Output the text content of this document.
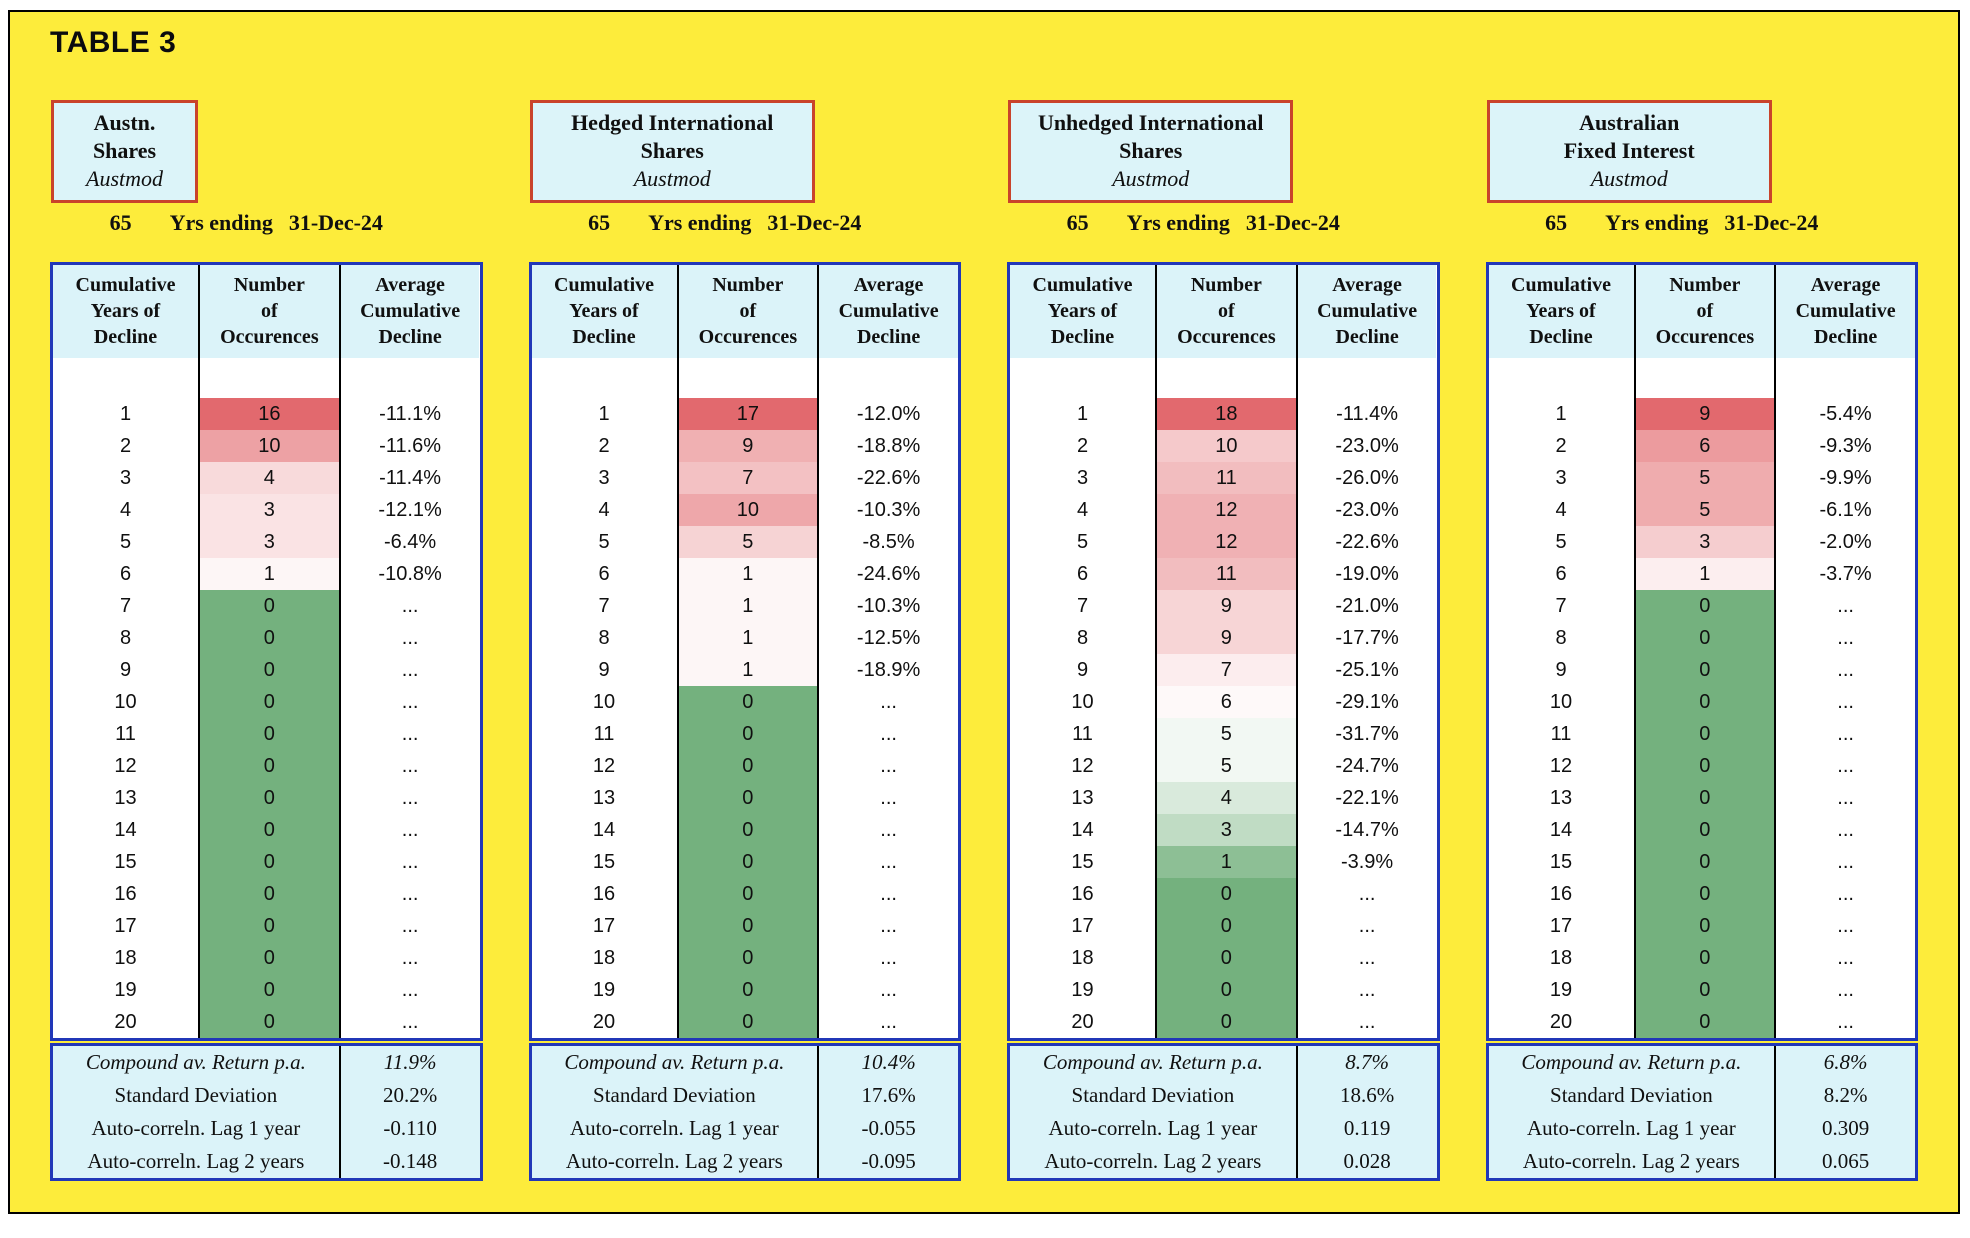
TABLE 3
Austn.
Shares
Austmod
65 Yrs ending 31-Dec-24
Cumulative
Years of
Decline
Number
of
Occurences
Average
Cumulative
Decline
1	16	-11.1%
2	10	-11.6%
3	4	-11.4%
4	3	-12.1%
5	3	-6.4%
6	1	-10.8%
7	0	...
8	0	...
9	0	...
10	0	...
11	0	...
12	0	...
13	0	...
14	0	...
15	0	...
16	0	...
17	0	...
18	0	...
19	0	...
20	0	...
Compound av. Return p.a.	11.9%
Standard Deviation	20.2%
Auto-correln. Lag 1 year	-0.110
Auto-correln. Lag 2 years	-0.148
Hedged International
Shares
Austmod
65 Yrs ending 31-Dec-24
Cumulative
Years of
Decline
Number
of
Occurences
Average
Cumulative
Decline
1	17	-12.0%
2	9	-18.8%
3	7	-22.6%
4	10	-10.3%
5	5	-8.5%
6	1	-24.6%
7	1	-10.3%
8	1	-12.5%
9	1	-18.9%
10	0	...
11	0	...
12	0	...
13	0	...
14	0	...
15	0	...
16	0	...
17	0	...
18	0	...
19	0	...
20	0	...
Compound av. Return p.a.	10.4%
Standard Deviation	17.6%
Auto-correln. Lag 1 year	-0.055
Auto-correln. Lag 2 years	-0.095
Unhedged International
Shares
Austmod
65 Yrs ending 31-Dec-24
Cumulative
Years of
Decline
Number
of
Occurences
Average
Cumulative
Decline
1	18	-11.4%
2	10	-23.0%
3	11	-26.0%
4	12	-23.0%
5	12	-22.6%
6	11	-19.0%
7	9	-21.0%
8	9	-17.7%
9	7	-25.1%
10	6	-29.1%
11	5	-31.7%
12	5	-24.7%
13	4	-22.1%
14	3	-14.7%
15	1	-3.9%
16	0	...
17	0	...
18	0	...
19	0	...
20	0	...
Compound av. Return p.a.	8.7%
Standard Deviation	18.6%
Auto-correln. Lag 1 year	0.119
Auto-correln. Lag 2 years	0.028
Australian
Fixed Interest
Austmod
65 Yrs ending 31-Dec-24
Cumulative
Years of
Decline
Number
of
Occurences
Average
Cumulative
Decline
1	9	-5.4%
2	6	-9.3%
3	5	-9.9%
4	5	-6.1%
5	3	-2.0%
6	1	-3.7%
7	0	...
8	0	...
9	0	...
10	0	...
11	0	...
12	0	...
13	0	...
14	0	...
15	0	...
16	0	...
17	0	...
18	0	...
19	0	...
20	0	...
Compound av. Return p.a.	6.8%
Standard Deviation	8.2%
Auto-correln. Lag 1 year	0.309
Auto-correln. Lag 2 years	0.065
